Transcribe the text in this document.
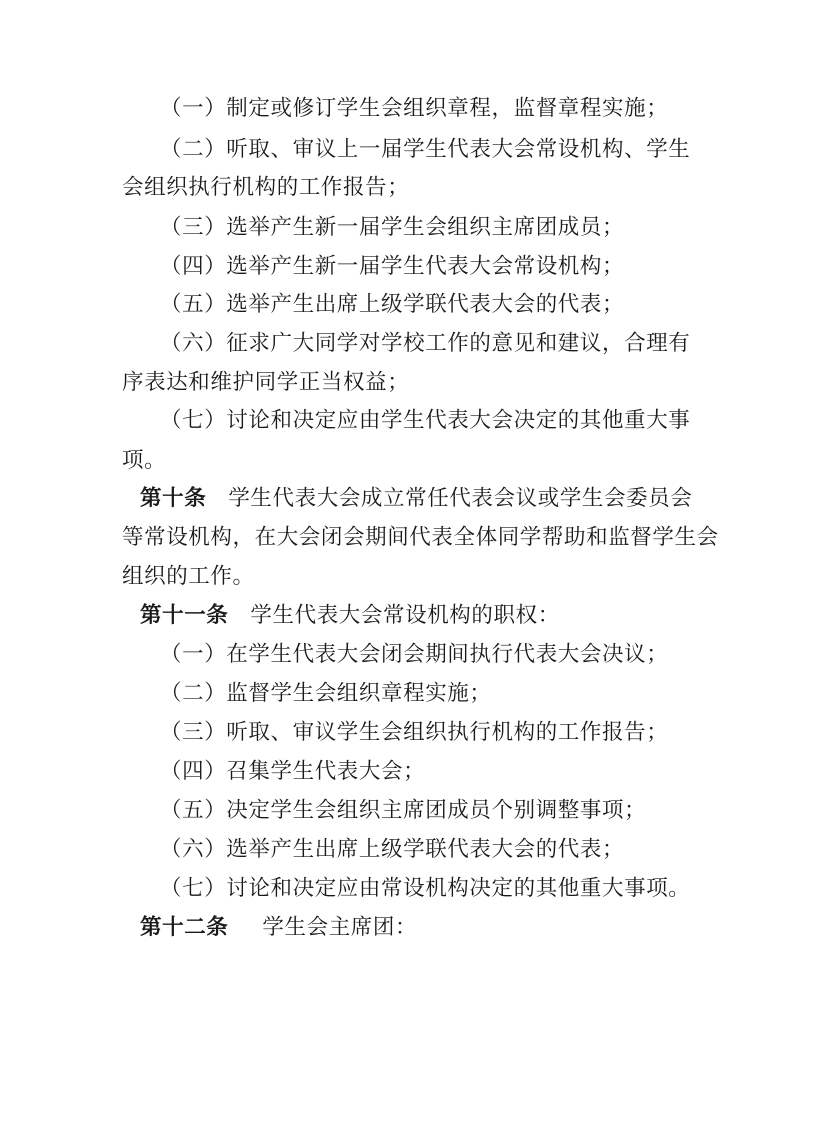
（一）制定或修订学生会组织章程，监督章程实施；
（二）听取、审议上一届学生代表大会常设机构、学生
会组织执行机构的工作报告；
（三）选举产生新一届学生会组织主席团成员；
（四）选举产生新一届学生代表大会常设机构；
（五）选举产生出席上级学联代表大会的代表；
（六）征求广大同学对学校工作的意见和建议，合理有
序表达和维护同学正当权益；
（七）讨论和决定应由学生代表大会决定的其他重大事
项。
第十条 学生代表大会成立常任代表会议或学生会委员会
等常设机构，在大会闭会期间代表全体同学帮助和监督学生会
组织的工作。
第十一条 学生代表大会常设机构的职权：
（一）在学生代表大会闭会期间执行代表大会决议；
（二）监督学生会组织章程实施；
（三）听取、审议学生会组织执行机构的工作报告；
（四）召集学生代表大会；
（五）决定学生会组织主席团成员个别调整事项；
（六）选举产生出席上级学联代表大会的代表；
（七）讨论和决定应由常设机构决定的其他重大事项。
第十二条 学生会主席团：
